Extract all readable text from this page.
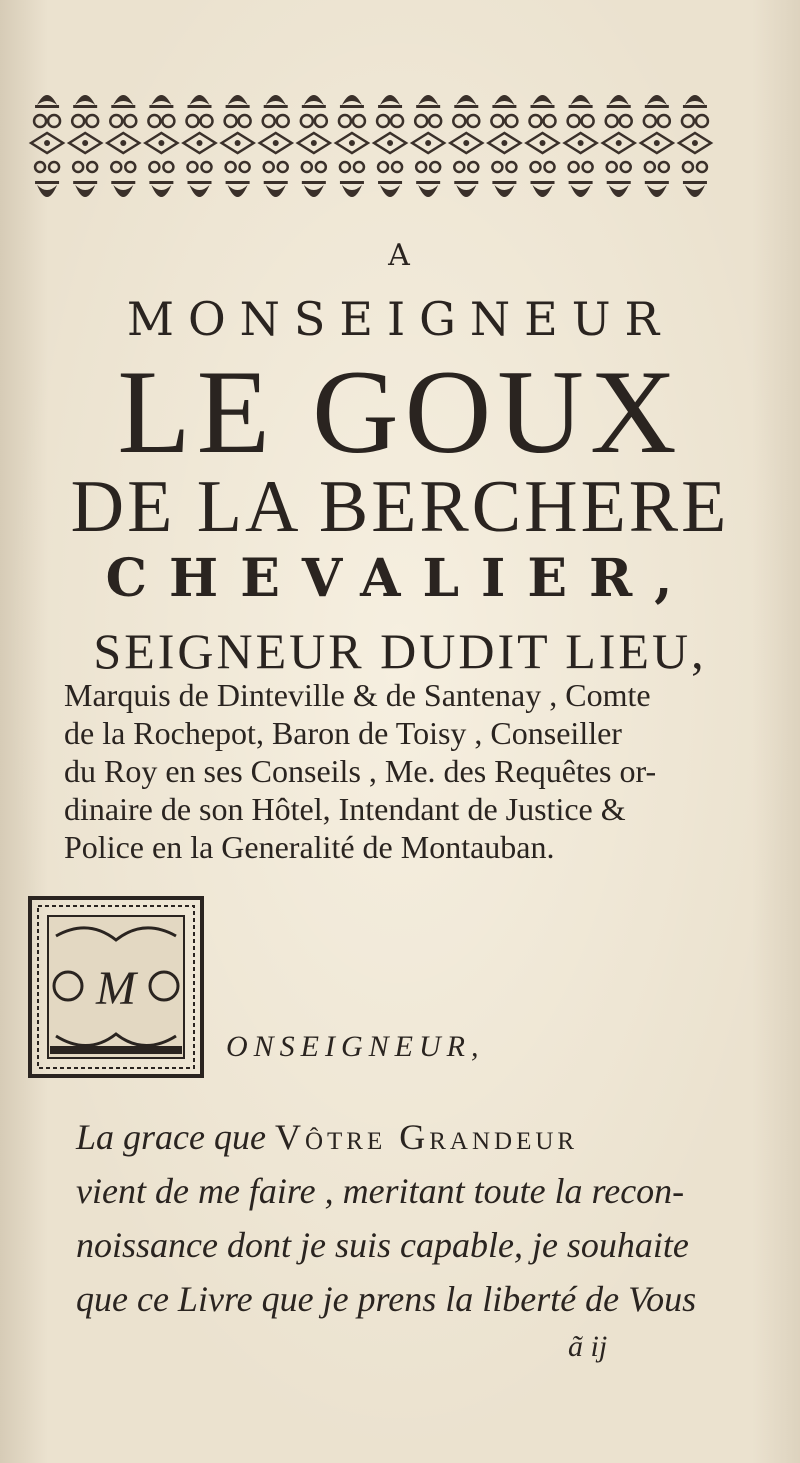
A
MONSEIGNEUR
LE GOUX
DE LA BERCHERE
CHEVALIER,
SEIGNEUR DUDIT LIEU,
Marquis de Dinteville & de Santenay , Comte
de la Rochepot, Baron de Toisy , Conseiller
du Roy en ses Conseils , Me. des Requêtes or-
dinaire de son Hôtel, Intendant de Justice &
Police en la Generalité de Montauban.
M
ONSEIGNEUR,
La grace que Vôtre Grandeur
vient de me faire , meritant toute la recon-
noissance dont je suis capable, je souhaite
que ce Livre que je prens la liberté de Vous
ã ij
